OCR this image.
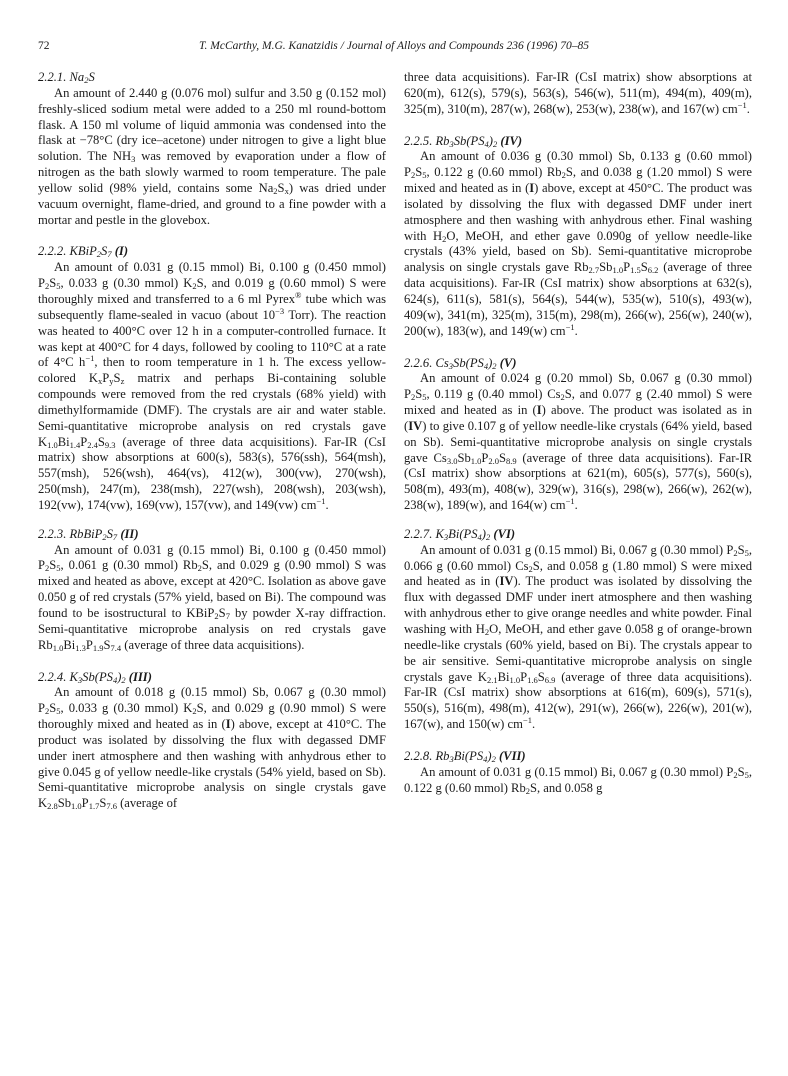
72	T. McCarthy, M.G. Kanatzidis / Journal of Alloys and Compounds 236 (1996) 70–85

2.2.1. $Na_2S$

An amount of 2.440 g (0.076 mol) sulfur and 3.50 g (0.152 mol) freshly-sliced sodium metal were added to a 250 ml round-bottom flask. A 150 ml volume of liquid ammonia was condensed into the flask at −78°C (dry ice–acetone) under nitrogen to give a light blue solution. The $NH_3$ was removed by evaporation under a flow of nitrogen as the bath slowly warmed to room temperature. The pale yellow solid (98% yield, contains some $Na_2S_x$) was dried under vacuum overnight, flame-dried, and ground to a fine powder with a mortar and pestle in the glovebox.

2.2.2. $KBiP_2S_7$ (I)

An amount of 0.031 g (0.15 mmol) Bi, 0.100 g (0.450 mmol) $P_2S_5$, 0.033 g (0.30 mmol) $K_2S$, and 0.019 g (0.60 mmol) S were thoroughly mixed and transferred to a 6 ml Pyrex® tube which was subsequently flame-sealed in vacuo (about $10^{-3}$ Torr). The reaction was heated to 400°C over 12 h in a computer-controlled furnace. It was kept at 400°C for 4 days, followed by cooling to 110°C at a rate of 4°C $h^{-1}$, then to room temperature in 1 h. The excess yellow-colored $K_xP_yS_z$ matrix and perhaps Bi-containing soluble compounds were removed from the red crystals (68% yield) with dimethylformamide (DMF). The crystals are air and water stable. Semi-quantitative microprobe analysis on red crystals gave $K_{1.0}Bi_{1.4}P_{2.4}S_{9.3}$ (average of three data acquisitions). Far-IR (CsI matrix) show absorptions at 600(s), 583(s), 576(ssh), 564(msh), 557(msh), 526(wsh), 464(vs), 412(w), 300(vw), 270(wsh), 250(msh), 247(m), 238(msh), 227(wsh), 208(wsh), 203(wsh), 192(vw), 174(vw), 169(vw), 157(vw), and 149(vw) $cm^{-1}$.

2.2.3. $RbBiP_2S_7$ (II)

An amount of 0.031 g (0.15 mmol) Bi, 0.100 g (0.450 mmol) $P_2S_5$, 0.061 g (0.30 mmol) $Rb_2S$, and 0.029 g (0.90 mmol) S was mixed and heated as above, except at 420°C. Isolation as above gave 0.050 g of red crystals (57% yield, based on Bi). The compound was found to be isostructural to $KBiP_2S_7$ by powder X-ray diffraction. Semi-quantitative microprobe analysis on red crystals gave $Rb_{1.0}Bi_{1.3}P_{1.9}S_{7.4}$ (average of three data acquisitions).

2.2.4. $K_3Sb(PS_4)_2$ (III)

An amount of 0.018 g (0.15 mmol) Sb, 0.067 g (0.30 mmol) $P_2S_5$, 0.033 g (0.30 mmol) $K_2S$, and 0.029 g (0.90 mmol) S were thoroughly mixed and heated as in (I) above, except at 410°C. The product was isolated by dissolving the flux with degassed DMF under inert atmosphere and then washing with anhydrous ether to give 0.045 g of yellow needle-like crystals (54% yield, based on Sb). Semi-quantitative microprobe analysis on single crystals gave $K_{2.8}Sb_{1.0}P_{1.7}S_{7.6}$ (average of

three data acquisitions). Far-IR (CsI matrix) show absorptions at 620(m), 612(s), 579(s), 563(s), 546(w), 511(m), 494(m), 409(m), 325(m), 310(m), 287(w), 268(w), 253(w), 238(w), and 167(w) $cm^{-1}$.

2.2.5. $Rb_3Sb(PS_4)_2$ (IV)

An amount of 0.036 g (0.30 mmol) Sb, 0.133 g (0.60 mmol) $P_2S_5$, 0.122 g (0.60 mmol) $Rb_2S$, and 0.038 g (1.20 mmol) S were mixed and heated as in (I) above, except at 450°C. The product was isolated by dissolving the flux with degassed DMF under inert atmosphere and then washing with anhydrous ether. Final washing with $H_2O$, MeOH, and ether gave 0.090g of yellow needle-like crystals (43% yield, based on Sb). Semi-quantitative microprobe analysis on single crystals gave $Rb_{2.7}Sb_{1.0}P_{1.5}S_{6.2}$ (average of three data acquisitions). Far-IR (CsI matrix) show absorptions at 632(s), 624(s), 611(s), 581(s), 564(s), 544(w), 535(w), 510(s), 493(w), 409(w), 341(m), 325(m), 315(m), 298(m), 266(w), 256(w), 240(w), 200(w), 183(w), and 149(w) $cm^{-1}$.

2.2.6. $Cs_3Sb(PS_4)_2$ (V)

An amount of 0.024 g (0.20 mmol) Sb, 0.067 g (0.30 mmol) $P_2S_5$, 0.119 g (0.40 mmol) $Cs_2S$, and 0.077 g (2.40 mmol) S were mixed and heated as in (I) above. The product was isolated as in (IV) to give 0.107 g of yellow needle-like crystals (64% yield, based on Sb). Semi-quantitative microprobe analysis on single crystals gave $Cs_{3.0}Sb_{1.0}P_{2.0}S_{8.9}$ (average of three data acquisitions). Far-IR (CsI matrix) show absorptions at 621(m), 605(s), 577(s), 560(s), 508(m), 493(m), 408(w), 329(w), 316(s), 298(w), 266(w), 262(w), 238(w), 189(w), and 164(w) $cm^{-1}$.

2.2.7. $K_3Bi(PS_4)_2$ (VI)

An amount of 0.031 g (0.15 mmol) Bi, 0.067 g (0.30 mmol) $P_2S_5$, 0.066 g (0.60 mmol) $Cs_2S$, and 0.058 g (1.80 mmol) S were mixed and heated as in (IV). The product was isolated by dissolving the flux with degassed DMF under inert atmosphere and then washing with anhydrous ether to give orange needles and white powder. Final washing with $H_2O$, MeOH, and ether gave 0.058 g of orange-brown needle-like crystals (60% yield, based on Bi). The crystals appear to be air sensitive. Semi-quantitative microprobe analysis on single crystals gave $K_{2.1}Bi_{1.0}P_{1.6}S_{6.9}$ (average of three data acquisitions). Far-IR (CsI matrix) show absorptions at 616(m), 609(s), 571(s), 550(s), 516(m), 498(m), 412(w), 291(w), 266(w), 226(w), 201(w), 167(w), and 150(w) $cm^{-1}$.

2.2.8. $Rb_3Bi(PS_4)_2$ (VII)

An amount of 0.031 g (0.15 mmol) Bi, 0.067 g (0.30 mmol) $P_2S_5$, 0.122 g (0.60 mmol) $Rb_2S$, and 0.058 g
